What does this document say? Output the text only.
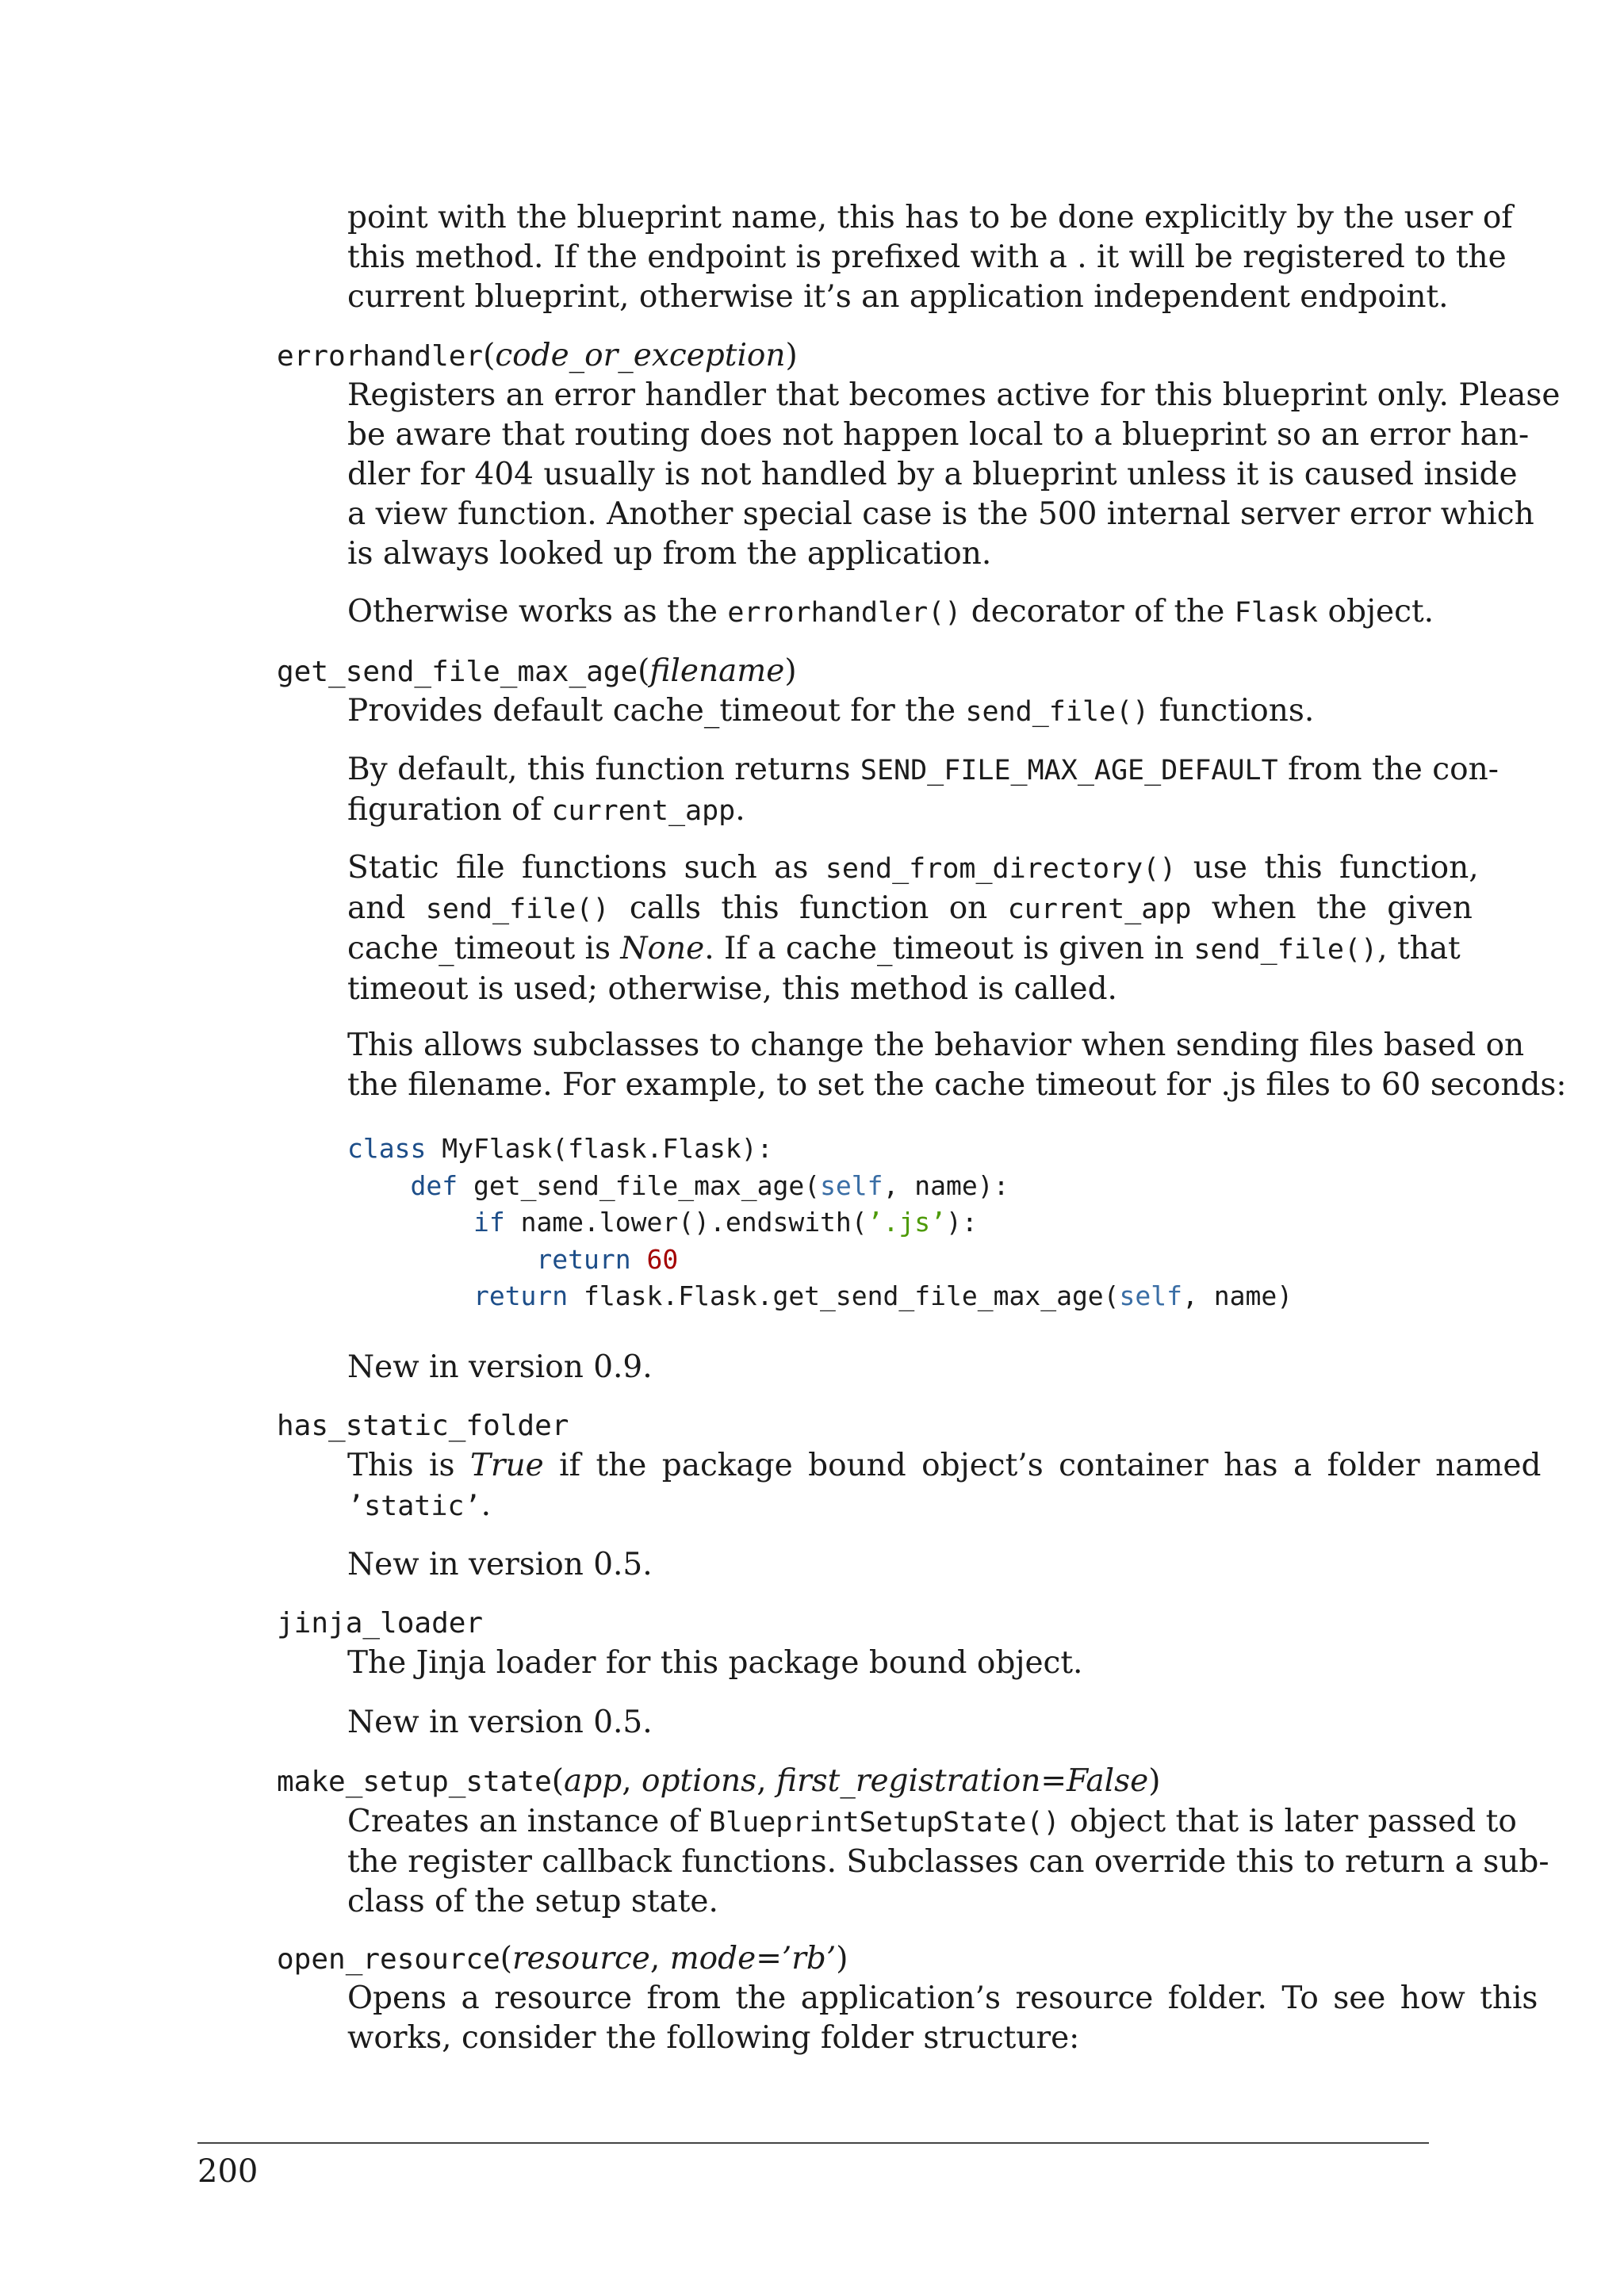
point with the blueprint name, this has to be done explicitly by the user of
this method. If the endpoint is prefixed with a . it will be registered to the
current blueprint, otherwise it’s an application independent endpoint.
errorhandler(code_or_exception)
Registers an error handler that becomes active for this blueprint only. Please
be aware that routing does not happen local to a blueprint so an error han-
dler for 404 usually is not handled by a blueprint unless it is caused inside
a view function. Another special case is the 500 internal server error which
is always looked up from the application.
Otherwise works as the errorhandler() decorator of the Flask object.
get_send_file_max_age(filename)
Provides default cache_timeout for the send_file() functions.
By default, this function returns SEND_FILE_MAX_AGE_DEFAULT from the con-
figuration of current_app.
Static file functions such as send_from_directory() use this function,
and send_file() calls this function on current_app when the given
cache_timeout is None. If a cache_timeout is given in send_file(), that
timeout is used; otherwise, this method is called.
This allows subclasses to change the behavior when sending files based on
the filename. For example, to set the cache timeout for .js files to 60 seconds:
class MyFlask(flask.Flask):
def get_send_file_max_age(self, name):
if name.lower().endswith(’.js’):
return 60
return flask.Flask.get_send_file_max_age(self, name)
New in version 0.9.
has_static_folder
This is True if the package bound object’s container has a folder named
’static’.
New in version 0.5.
jinja_loader
The Jinja loader for this package bound object.
New in version 0.5.
make_setup_state(app, options, first_registration=False)
Creates an instance of BlueprintSetupState() object that is later passed to
the register callback functions. Subclasses can override this to return a sub-
class of the setup state.
open_resource(resource, mode=’rb’)
Opens a resource from the application’s resource folder. To see how this
works, consider the following folder structure:
200
